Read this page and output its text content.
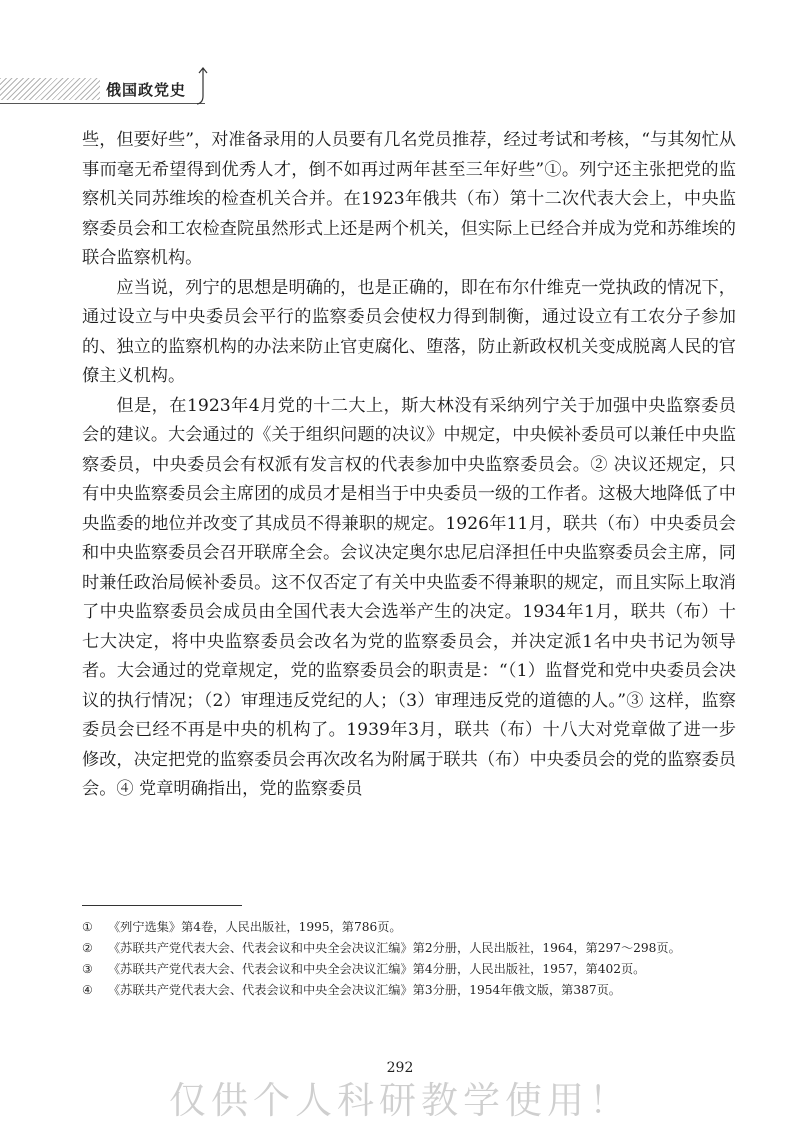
俄国政党史

些，但要好些”，对准备录用的人员要有几名党员推荐，经过考试和考核，“与其匆忙从事而毫无希望得到优秀人才，倒不如再过两年甚至三年好些”①。列宁还主张把党的监察机关同苏维埃的检查机关合并。在1923年俄共（布）第十二次代表大会上，中央监察委员会和工农检查院虽然形式上还是两个机关，但实际上已经合并成为党和苏维埃的联合监察机构。

应当说，列宁的思想是明确的，也是正确的，即在布尔什维克一党执政的情况下，通过设立与中央委员会平行的监察委员会使权力得到制衡，通过设立有工农分子参加的、独立的监察机构的办法来防止官吏腐化、堕落，防止新政权机关变成脱离人民的官僚主义机构。

但是，在1923年4月党的十二大上，斯大林没有采纳列宁关于加强中央监察委员会的建议。大会通过的《关于组织问题的决议》中规定，中央候补委员可以兼任中央监察委员，中央委员会有权派有发言权的代表参加中央监察委员会。② 决议还规定，只有中央监察委员会主席团的成员才是相当于中央委员一级的工作者。这极大地降低了中央监委的地位并改变了其成员不得兼职的规定。1926年11月，联共（布）中央委员会和中央监察委员会召开联席全会。会议决定奥尔忠尼启泽担任中央监察委员会主席，同时兼任政治局候补委员。这不仅否定了有关中央监委不得兼职的规定，而且实际上取消了中央监察委员会成员由全国代表大会选举产生的决定。1934年1月，联共（布）十七大决定，将中央监察委员会改名为党的监察委员会，并决定派1名中央书记为领导者。大会通过的党章规定，党的监察委员会的职责是：“（1）监督党和党中央委员会决议的执行情况；（2）审理违反党纪的人；（3）审理违反党的道德的人。”③ 这样，监察委员会已经不再是中央的机构了。1939年3月，联共（布）十八大对党章做了进一步修改，决定把党的监察委员会再次改名为附属于联共（布）中央委员会的党的监察委员会。④ 党章明确指出，党的监察委员

①	《列宁选集》第4卷，人民出版社，1995，第786页。
②	《苏联共产党代表大会、代表会议和中央全会决议汇编》第2分册，人民出版社，1964，第297～298页。
③	《苏联共产党代表大会、代表会议和中央全会决议汇编》第4分册，人民出版社，1957，第402页。
④	《苏联共产党代表大会、代表会议和中央全会决议汇编》第3分册，1954年俄文版，第387页。
292
仅供个人科研教学使用！
